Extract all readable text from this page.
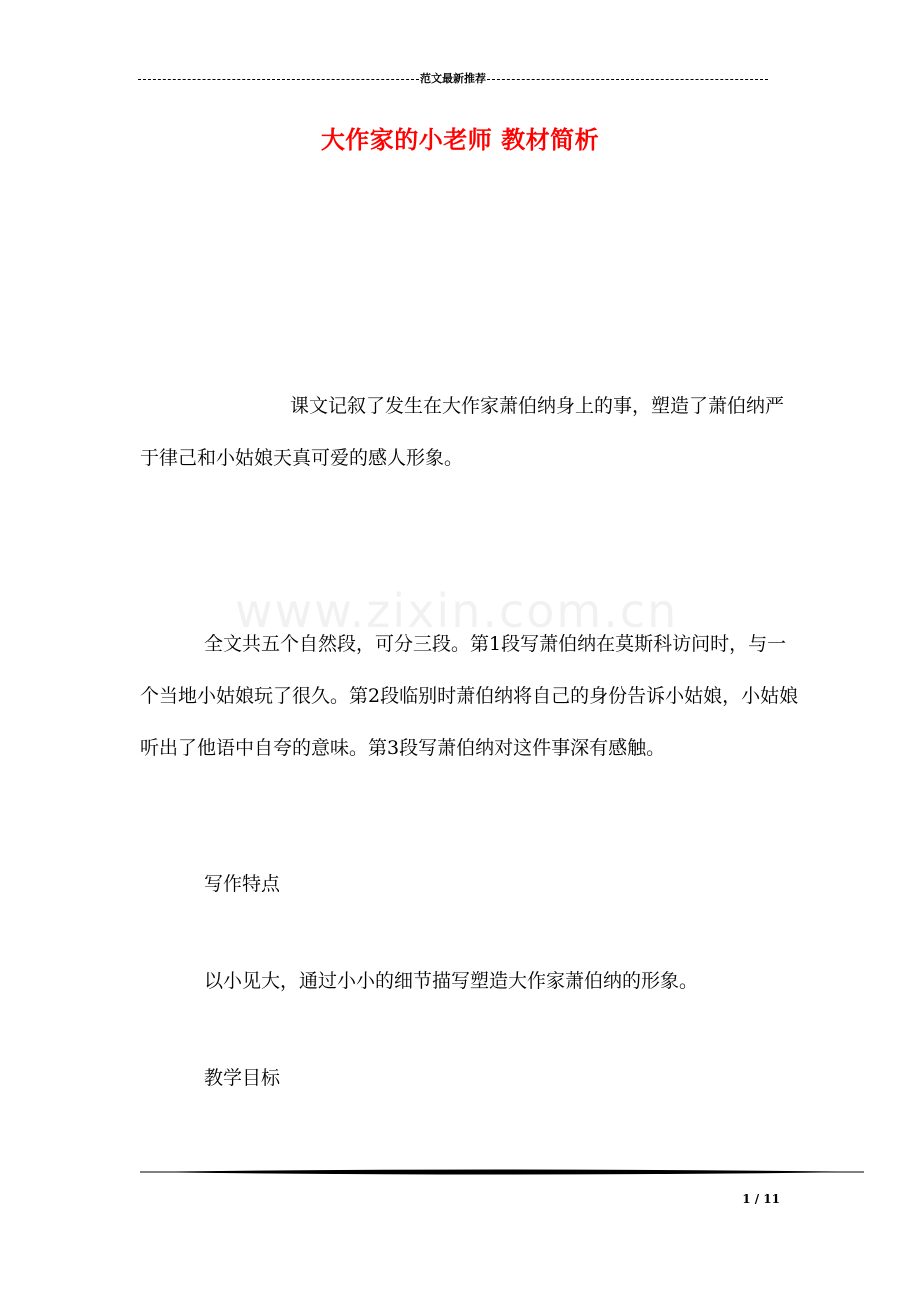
范文最新推荐
大作家的小老师 教材简析

课文记叙了发生在大作家萧伯纳身上的事，塑造了萧伯纳严于律己和小姑娘天真可爱的感人形象。

www.zixin.com.cn

全文共五个自然段，可分三段。第1段写萧伯纳在莫斯科访问时，与一个当地小姑娘玩了很久。第2段临别时萧伯纳将自己的身份告诉小姑娘，小姑娘听出了他语中自夸的意味。第3段写萧伯纳对这件事深有感触。

写作特点

以小见大，通过小小的细节描写塑造大作家萧伯纳的形象。

教学目标

1 / 11
